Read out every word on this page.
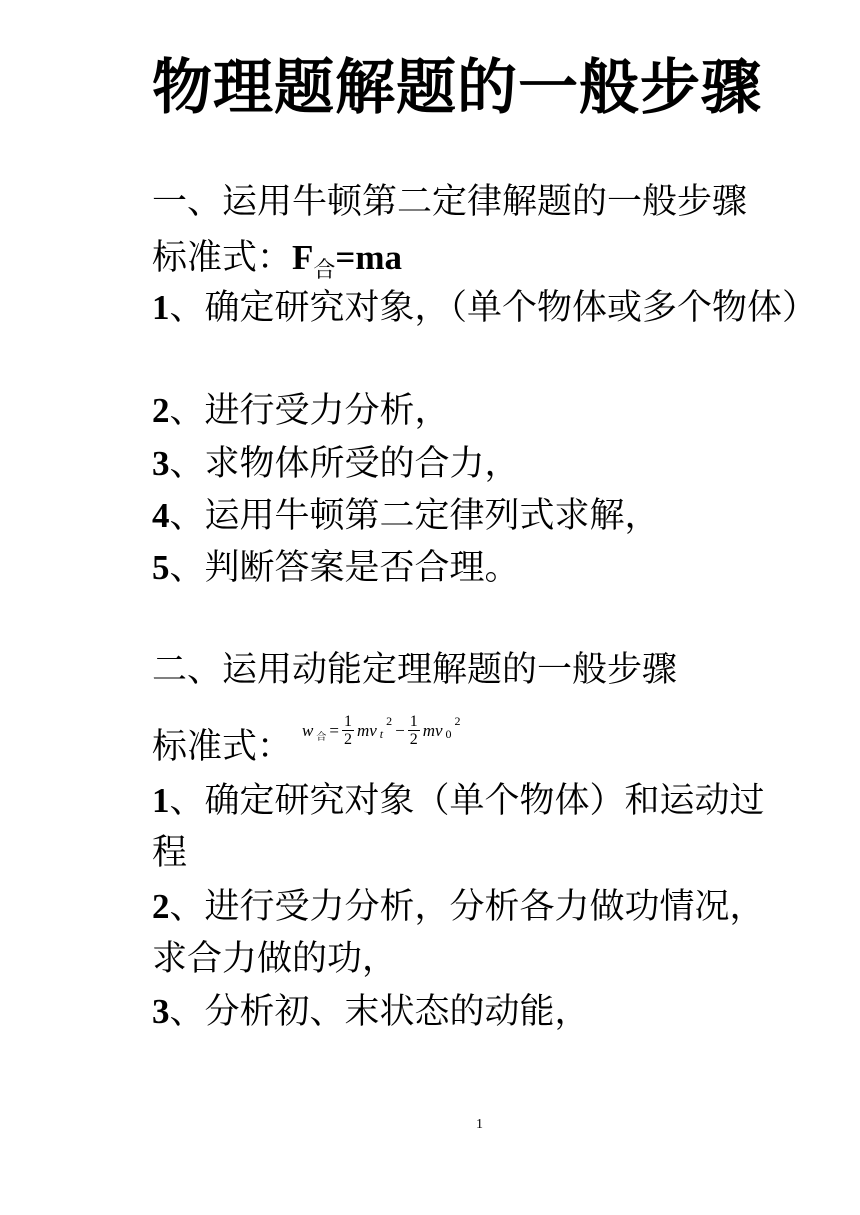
物理题解题的一般步骤
一、运用牛顿第二定律解题的一般步骤
标准式：$F_合=ma$
1、确定研究对象，（单个物体或多个物体）
2、进行受力分析，
3、求物体所受的合力，
4、运用牛顿第二定律列式求解，
5、判断答案是否合理。
二、运用动能定理解题的一般步骤
w 合 = $\frac{1}{2}$ mv t
$2 - \frac{1}{2}$ mv 0
2
标准式：
1、确定研究对象（单个物体）和运动过
程
2、进行受力分析，分析各力做功情况，
求合力做的功，
3、分析初、末状态的动能，
1
